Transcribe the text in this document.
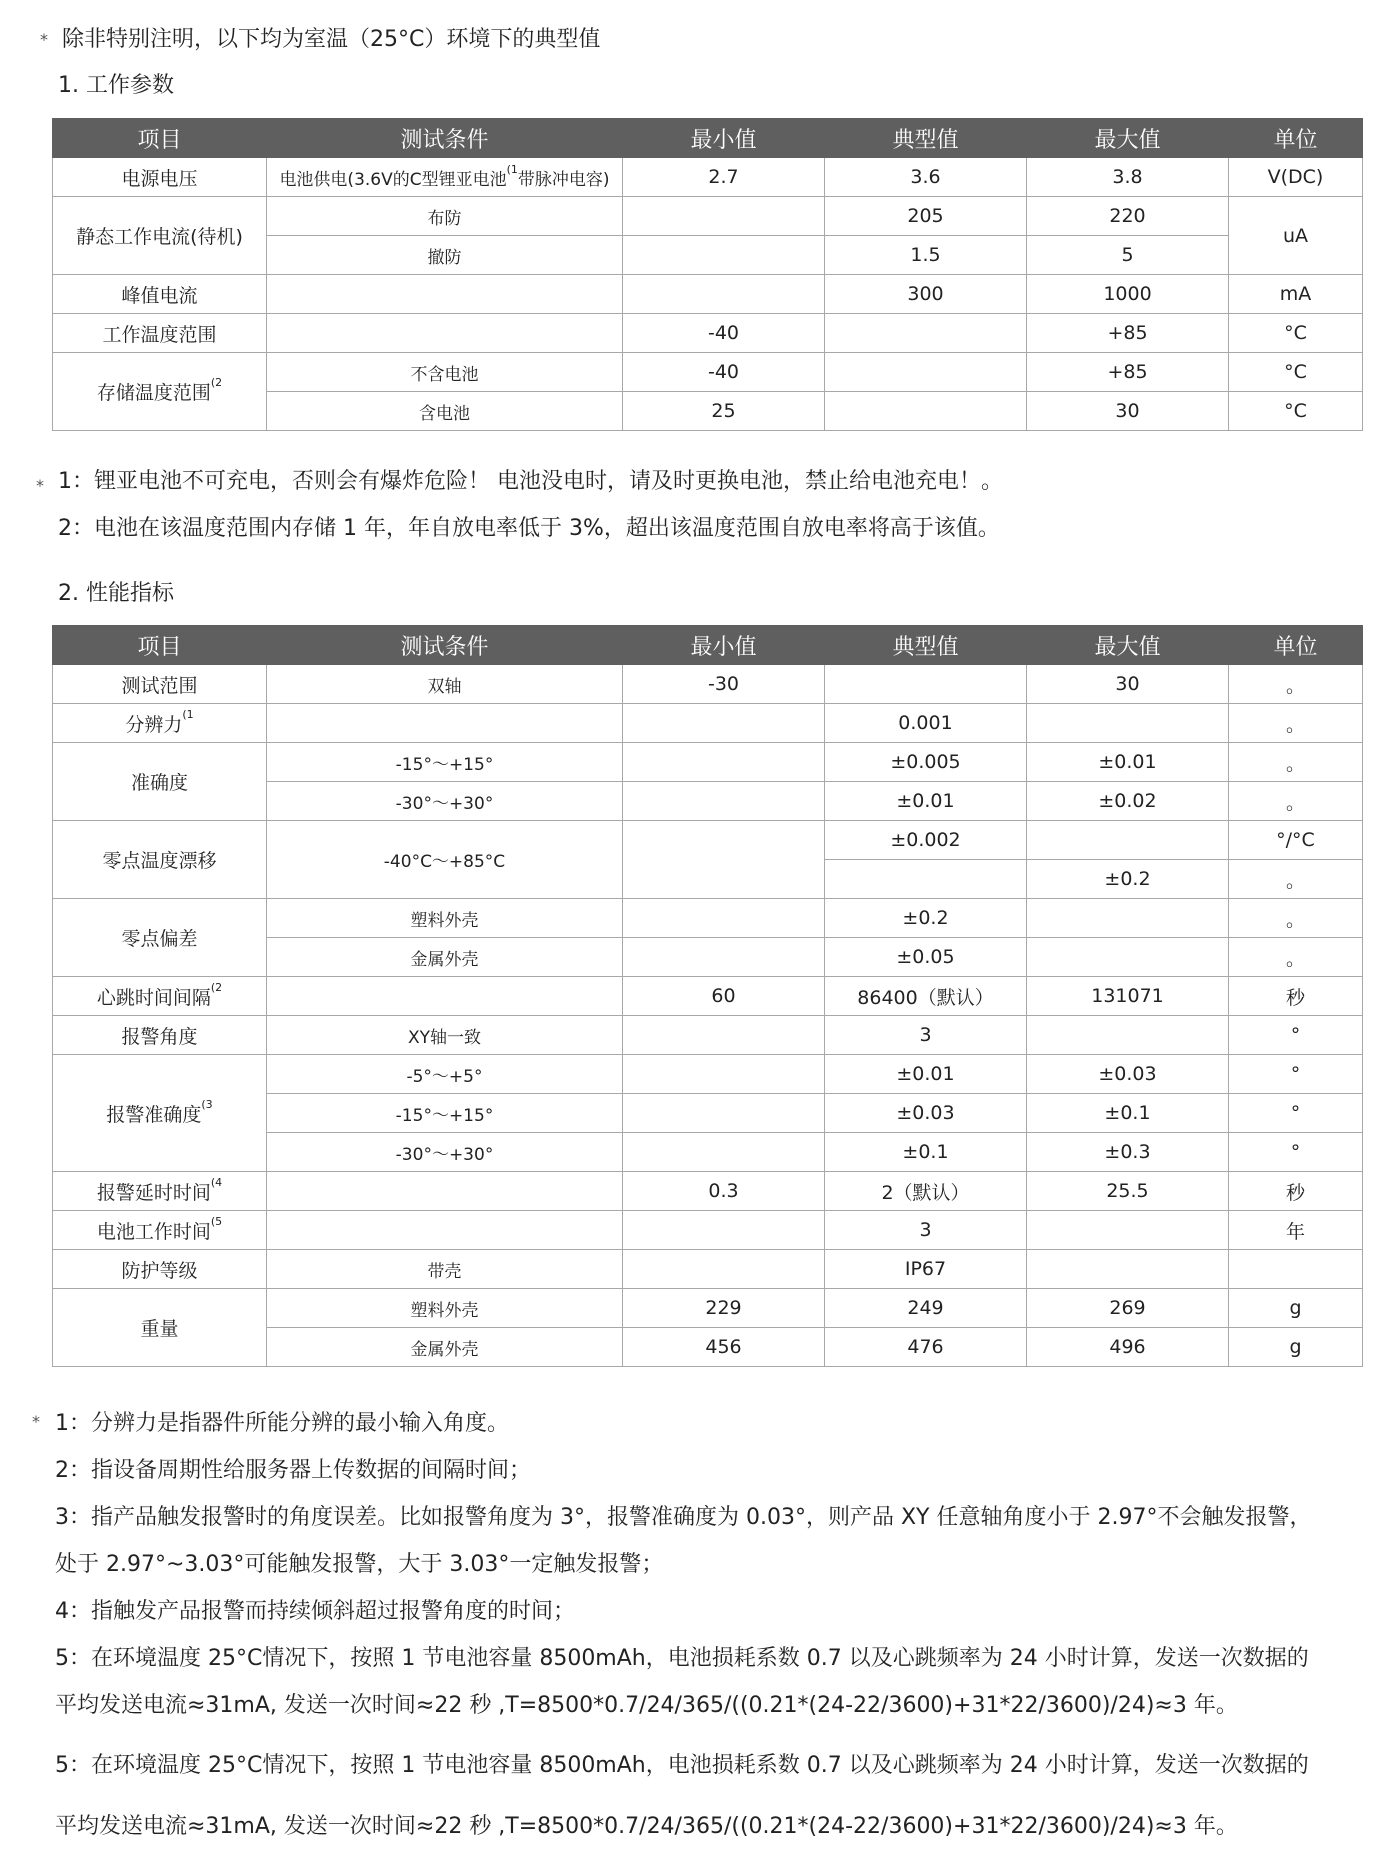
* 除非特别注明，以下均为室温（25°C）环境下的典型值
1. 工作参数
项目	测试条件	最小值	典型值	最大值	单位
电源电压	电池供电(3.6V的C型锂亚电池$^{(1}$带脉冲电容)	2.7	3.6	3.8	V(DC)
静态工作电流(待机)	布防		205	220	uA
	撤防		1.5	5	
峰值电流			300	1000	mA
工作温度范围		-40		+85	°C
存储温度范围$^{(2}$	不含电池	-40		+85	°C
	含电池	25		30	°C
* 1：锂亚电池不可充电，否则会有爆炸危险！ 电池没电时，请及时更换电池，禁止给电池充电！。
2：电池在该温度范围内存储 1 年，年自放电率低于 3%，超出该温度范围自放电率将高于该值。
2. 性能指标
项目	测试条件	最小值	典型值	最大值	单位
测试范围	双轴	-30		30	。
分辨力$^{(1}$			0.001		。
准确度	-15°～+15°		±0.005	±0.01	。
	-30°～+30°		±0.01	±0.02	。
零点温度漂移	-40°C～+85°C		±0.002		°/°C
				±0.2	。
零点偏差	塑料外壳		±0.2		。
	金属外壳		±0.05		。
心跳时间间隔$^{(2}$		60	86400（默认）	131071	秒
报警角度	XY轴一致		3		°
报警准确度$^{(3}$	-5°～+5°		±0.01	±0.03	°
	-15°～+15°		±0.03	±0.1	°
	-30°～+30°		±0.1	±0.3	°
报警延时时间$^{(4}$		0.3	2（默认）	25.5	秒
电池工作时间$^{(5}$			3		年
防护等级	带壳		IP67		
重量	塑料外壳	229	249	269	g
	金属外壳	456	476	496	g
* 1：分辨力是指器件所能分辨的最小输入角度。
2：指设备周期性给服务器上传数据的间隔时间；
3：指产品触发报警时的角度误差。比如报警角度为 3°，报警准确度为 0.03°，则产品 XY 任意轴角度小于 2.97°不会触发报警，
处于 2.97°~3.03°可能触发报警，大于 3.03°一定触发报警；
4：指触发产品报警而持续倾斜超过报警角度的时间；
5：在环境温度 25°C情况下，按照 1 节电池容量 8500mAh，电池损耗系数 0.7 以及心跳频率为 24 小时计算，发送一次数据的
平均发送电流≈31mA, 发送一次时间≈22 秒 ,T=8500*0.7/24/365/((0.21*(24-22/3600)+31*22/3600)/24)≈3 年。
5：在环境温度 25°C情况下，按照 1 节电池容量 8500mAh，电池损耗系数 0.7 以及心跳频率为 24 小时计算，发送一次数据的
平均发送电流≈31mA, 发送一次时间≈22 秒 ,T=8500*0.7/24/365/((0.21*(24-22/3600)+31*22/3600)/24)≈3 年。
